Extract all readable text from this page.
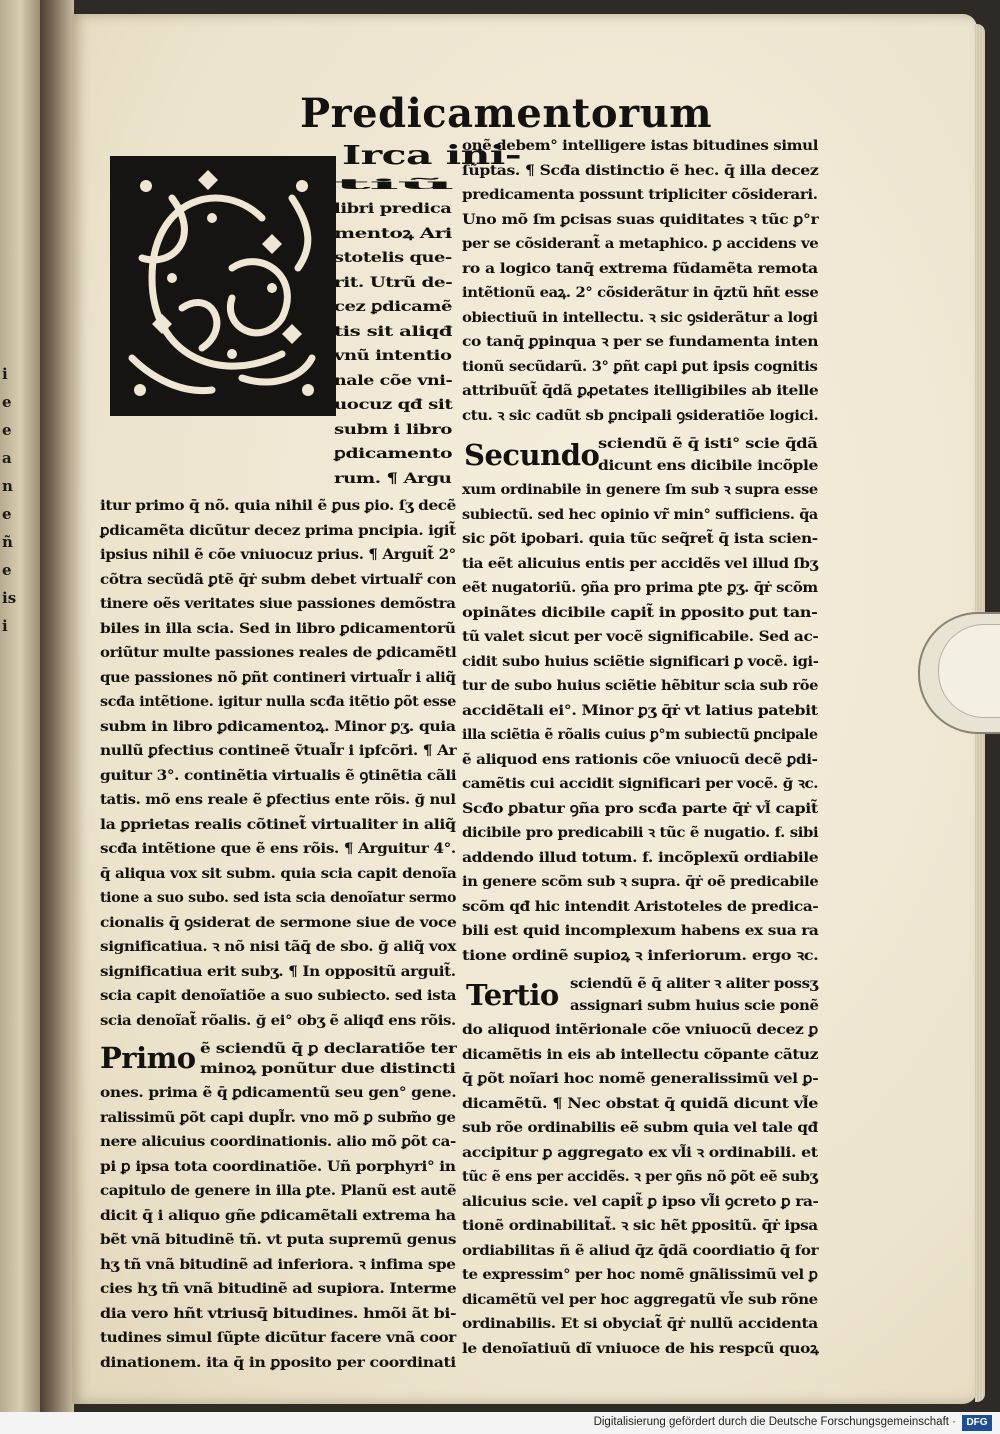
i
e
e
a
n
e
ñ
e
is
i
Predicamentorum
Irca ini-
tiũ
libri predica
mentoꝝ Ari
stotelis que-
rit. Utrũ de-
cez ꝑdicamẽ
tis sit aliqđ
vnũ intentio
nale cõe vni-
uocuz qđ sit
subm i libro
ꝑdicamento
rum. ¶ Argu
itur primo q̄ nõ. quia nihil ẽ ꝑus ꝑio. ſʒ decẽ
ꝑdicamẽta dicũtur decez prima pncipia. igit̃
ipsius nihil ẽ cõe vniuocuz prius. ¶ Arguit̃ 2°
cõtra secũdã ꝑtẽ q̄ṙ subm debet virtualr̃ con
tinere oẽs veritates siue passiones demõstra
biles in illa scia. Sed in libro ꝑdicamentorũ
oriũtur multe passiones reales de ꝑdicamẽtl
que passiones nõ ꝑñt contineri virtual̃r i aliq̃
scđa intẽtione. igitur nulla scđa itẽtio ꝑõt esse
subm in libro ꝑdicamentoꝝ. Minor ꝑʒ. quia
nullũ ꝑfectius contineẽ ṽtual̃r i ipfcõri. ¶ Ar
guitur 3°. continẽtia virtualis ẽ ꝯtinẽtia cãli
tatis. mõ ens reale ẽ ꝑfectius ente rõis. ğ nul
la ꝑprietas realis cõtinet̃ virtualiter in aliq̃
scđa intẽtione que ẽ ens rõis. ¶ Arguitur 4°.
q̄ aliqua vox sit subm. quia scia capit denoĩa
tione a suo subo. sed ista scia denoĩatur sermo
cionalis q̄ ꝯsiderat de sermone siue de voce
significatiua. ꝛ nõ nisi tãq̄ de sbo. ğ aliq̃ vox
significatiua erit subʒ. ¶ In oppositũ arguit̃.
scia capit denoĩatiõe a suo subiecto. sed ista
scia denoĩat̃ rõalis. ğ ei° obʒ ẽ aliqđ ens rõis.
Primo ẽ sciendũ q̄ ꝑ declaratiõe ter
minoꝝ ponũtur due distincti
ones. prima ẽ q̄ ꝑdicamentũ seu gen° gene.
ralissimũ ꝑõt capi dupl̃r. vno mõ ꝑ subm̃o ge
nere alicuius coordinationis. alio mõ ꝑõt ca-
pi ꝑ ipsa tota coordinatiõe. Uñ porphyri° in
capitulo de genere in illa ꝑte. Planũ est autẽ
dicit q̄ i aliquo gñe ꝑdicamẽtali extrema ha
bẽt vnã bitudinẽ tñ. vt puta supremũ genus
hʒ tñ vnã bitudinẽ ad inferiora. ꝛ infima spe
cies hʒ tñ vnã bitudinẽ ad supiora. Interme
dia vero hñt vtriusq̄ bitudines. hmõi ãt bi-
tudines simul ſũpte dicũtur facere vnã coor
dinationem. ita q̄ in ꝑposito per coordinati
onẽ debem° intelligere istas bitudines simul
ſũptas. ¶ Scđa distinctio ẽ hec. q̄ illa decez
predicamenta possunt tripliciter cõsiderari.
Uno mõ ſm ꝑcisas suas quiditates ꝛ tũc ꝑ°r
per se cõsiderant̃ a metaphico. ꝑ accidens ve
ro a logico tanq̄ extrema fũdamẽta remota
intẽtionũ eaꝝ. 2° cõsiderãtur in q̄ztũ hñt esse
obiectiuũ in intellectu. ꝛ sic ꝯsiderãtur a logi
co tanq̄ ꝑpinqua ꝛ per se fundamenta inten
tionũ secũdarũ. 3° ꝑñt capi ꝑut ipsis cognitis
attribuũt̃ q̄dã ꝑꝓetates itelligibiles ab itelle
ctu. ꝛ sic cadũt sb ꝑncipali ꝯsideratiõe logici.
Secundo
sciendũ ẽ q̄ isti° scie q̄dã
dicunt ens dicibile incõple
xum ordinabile in genere ſm sub ꝛ supra esse
subiectũ. sed hec opinio vr̃ min° sufficiens. q̄a
sic ꝑõt iꝑobari. quia tũc seq̃ret̃ q̄ ista scien-
tia eẽt alicuius entis per accidẽs vel illud ſbʒ
eẽt nugatoriũ. ꝯña pro prima ꝑte ꝑʒ. q̄ṙ scõm
opinãtes dicibile capit̃ in ꝑposito ꝑut tan-
tũ valet sicut per vocẽ significabile. Sed ac-
cidit subo huius sciẽtie significari ꝑ vocẽ. igi-
tur de subo huius sciẽtie hẽbitur scia sub rõe
accidẽtali ei°. Minor ꝑʒ q̄ṙ vt latius patebit
illa sciẽtia ẽ rõalis cuius ꝑ°m subiectũ ꝑncipale
ẽ aliquod ens rationis cõe vniuocũ decẽ ꝑdi-
camẽtis cui accidit significari per vocẽ. ğ ꝛc.
Scđo ꝑbatur ꝯña pro scđa parte q̄ṙ vl̃ capit̃
dicibile pro predicabili ꝛ tũc ẽ nugatio. f. sibi
addendo illud totum. f. incõplexũ ordiabile
in genere scõm sub ꝛ supra. q̄ṙ oẽ predicabile
scõm qđ hic intendit Aristoteles de predica-
bili est quid incomplexum habens ex sua ra
tione ordinẽ supioꝝ ꝛ inferiorum. ergo ꝛc.
Tertio sciendũ ẽ q̄ aliter ꝛ aliter possʒ
assignari subm huius scie ponẽ
do aliquod intẽrionale cõe vniuocũ decez ꝑ
dicamẽtis in eis ab intellectu cõpante cãtuz
q̄ ꝑõt noĩari hoc nomẽ generalissimũ vel ꝑ-
dicamẽtũ. ¶ Nec obstat q̄ quidã dicunt vl̃e
sub rõe ordinabilis eẽ subm quia vel tale qđ
accipitur ꝑ aggregato ex vl̃i ꝛ ordinabili. et
tũc ẽ ens per accidẽs. ꝛ per ꝯñs nõ ꝑõt eẽ subʒ
alicuius scie. vel capit̃ ꝑ ipso vl̃i ꝯcreto ꝑ ra-
tionẽ ordinabilitat̃. ꝛ sic hẽt ꝑpositũ. q̄ṙ ipsa
ordiabilitas ñ ẽ aliud q̄z q̄dã coordiatio q̄ for
te expressim° per hoc nomẽ gnãlissimũ vel ꝑ
dicamẽtũ vel per hoc aggregatũ vl̃e sub rõne
ordinabilis. Et si obyciat̃ q̄ṙ nullũ accidenta
le denoĩatiuũ dĩ vniuoce de his respcũ quoꝝ
Digitalisierung gefördert durch die Deutsche Forschungsgemeinschaft ·	DFG
